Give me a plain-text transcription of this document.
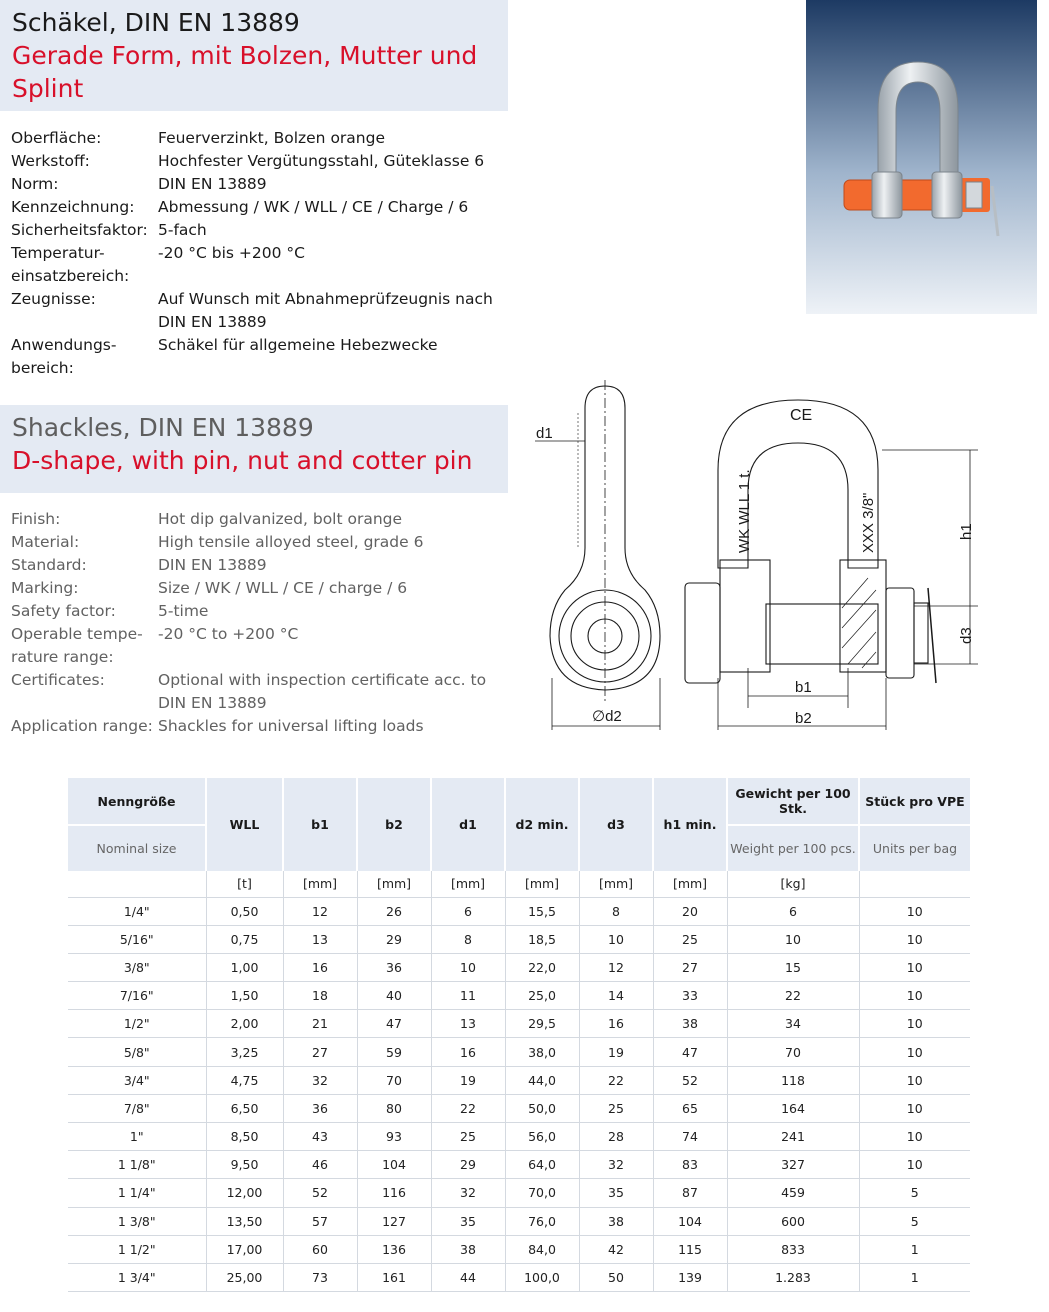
Schäkel, DIN EN 13889
Gerade Form, mit Bolzen, Mutter und Splint
Oberfläche:	Feuerverzinkt, Bolzen orange
Werkstoff:	Hochfester Vergütungsstahl, Güteklasse 6
Norm:	DIN EN 13889
Kennzeichnung:	Abmessung / WK / WLL / CE / Charge / 6
Sicherheitsfaktor: 5-fach
Temperatur-einsatzbereich:
-20 °C bis +200 °C
Zeugnisse:	Auf Wunsch mit Abnahmeprüfzeugnis nach DIN EN 13889
Anwendungs-bereich:
Schäkel für allgemeine Hebezwecke
Shackles, DIN EN 13889
D-shape, with pin, nut and cotter pin
Finish:	Hot dip galvanized, bolt orange
Material:	High tensile alloyed steel, grade 6
Standard:	DIN EN 13889
Marking:	Size / WK / WLL / CE / charge / 6
Safety factor:	5-time
Operable tempe-rature range:
-20 °C to +200 °C
Certificates:	Optional with inspection certificate acc. to DIN EN 13889
Application range: Shackles for universal lifting loads
d1
∅d2
b1
b2
h1
d3
CE
WK WLL 1 t.	XXX 3/8"
Nenngröße	WLL	b1	b2	d1	d2 min.	d3	h1 min.	Gewicht per 100 Stk.	Stück pro VPE
Nominal size								Weight per 100 pcs.	Units per bag
	[t]	[mm]	[mm]	[mm]	[mm]	[mm]	[mm]	[kg]	
1/4"	0,50	12	26	6	15,5	8	20	6	10
5/16"	0,75	13	29	8	18,5	10	25	10	10
3/8"	1,00	16	36	10	22,0	12	27	15	10
7/16"	1,50	18	40	11	25,0	14	33	22	10
1/2"	2,00	21	47	13	29,5	16	38	34	10
5/8"	3,25	27	59	16	38,0	19	47	70	10
3/4"	4,75	32	70	19	44,0	22	52	118	10
7/8"	6,50	36	80	22	50,0	25	65	164	10
1"	8,50	43	93	25	56,0	28	74	241	10
1 1/8"	9,50	46	104	29	64,0	32	83	327	10
1 1/4"	12,00	52	116	32	70,0	35	87	459	5
1 3/8"	13,50	57	127	35	76,0	38	104	600	5
1 1/2"	17,00	60	136	38	84,0	42	115	833	1
1 3/4"	25,00	73	161	44	100,0	50	139	1.283	1
